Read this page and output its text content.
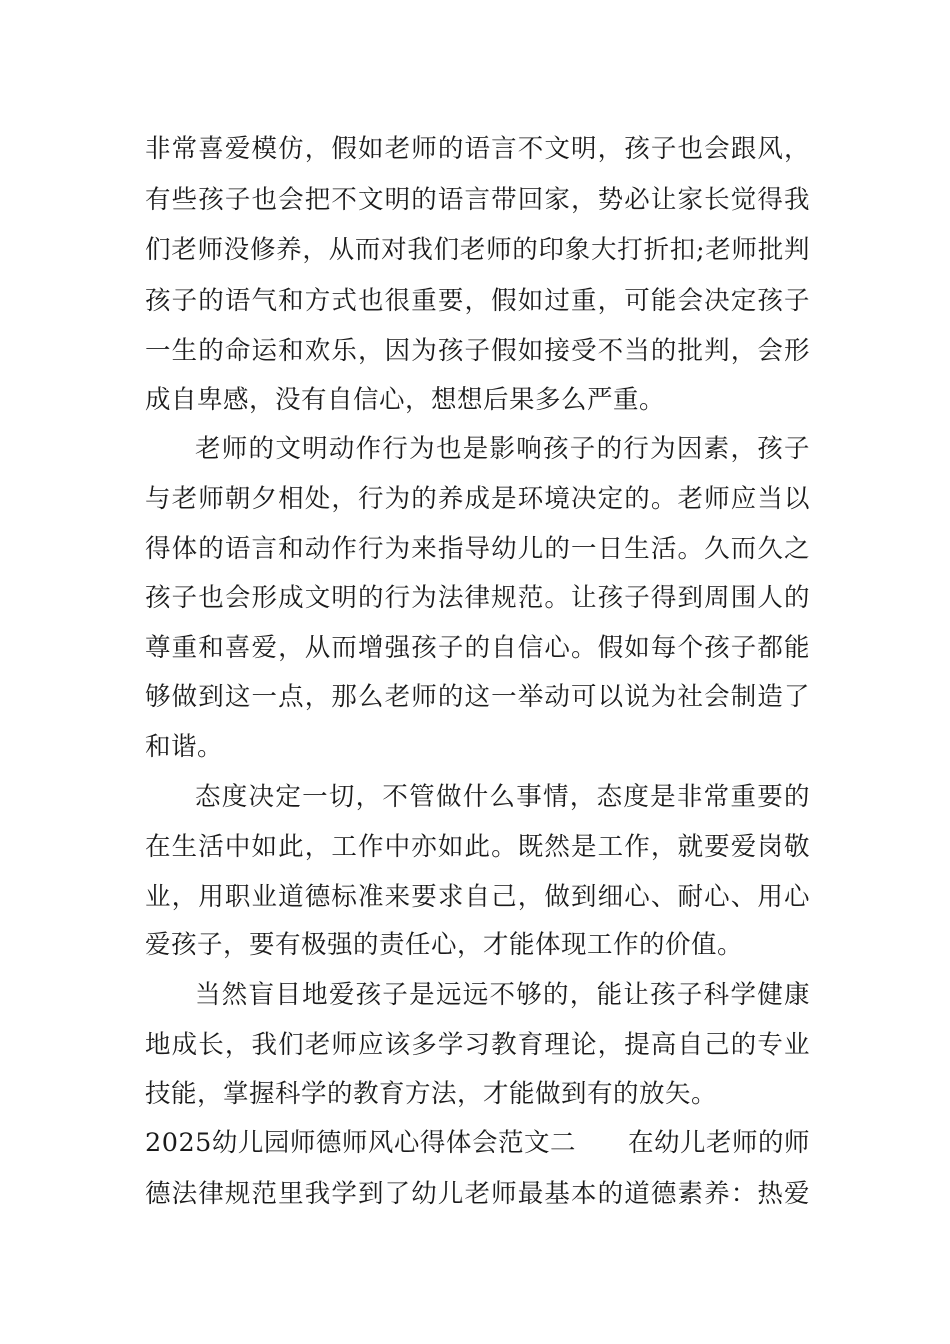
非常喜爱模仿，假如老师的语言不文明，孩子也会跟风，
有些孩子也会把不文明的语言带回家，势必让家长觉得我
们老师没修养，从而对我们老师的印象大打折扣;老师批判
孩子的语气和方式也很重要，假如过重，可能会决定孩子
一生的命运和欢乐，因为孩子假如接受不当的批判，会形
成自卑感，没有自信心，想想后果多么严重。
老师的文明动作行为也是影响孩子的行为因素，孩子
与老师朝夕相处，行为的养成是环境决定的。老师应当以
得体的语言和动作行为来指导幼儿的一日生活。久而久之
孩子也会形成文明的行为法律规范。让孩子得到周围人的
尊重和喜爱，从而增强孩子的自信心。假如每个孩子都能
够做到这一点，那么老师的这一举动可以说为社会制造了
和谐。
态度决定一切，不管做什么事情，态度是非常重要的
在生活中如此，工作中亦如此。既然是工作，就要爱岗敬
业，用职业道德标准来要求自己，做到细心、耐心、用心
爱孩子，要有极强的责任心，才能体现工作的价值。
当然盲目地爱孩子是远远不够的，能让孩子科学健康
地成长，我们老师应该多学习教育理论，提高自己的专业
技能，掌握科学的教育方法，才能做到有的放矢。
2025幼儿园师德师风心得体会范文二　　在幼儿老师的师
德法律规范里我学到了幼儿老师最基本的道德素养：热爱
